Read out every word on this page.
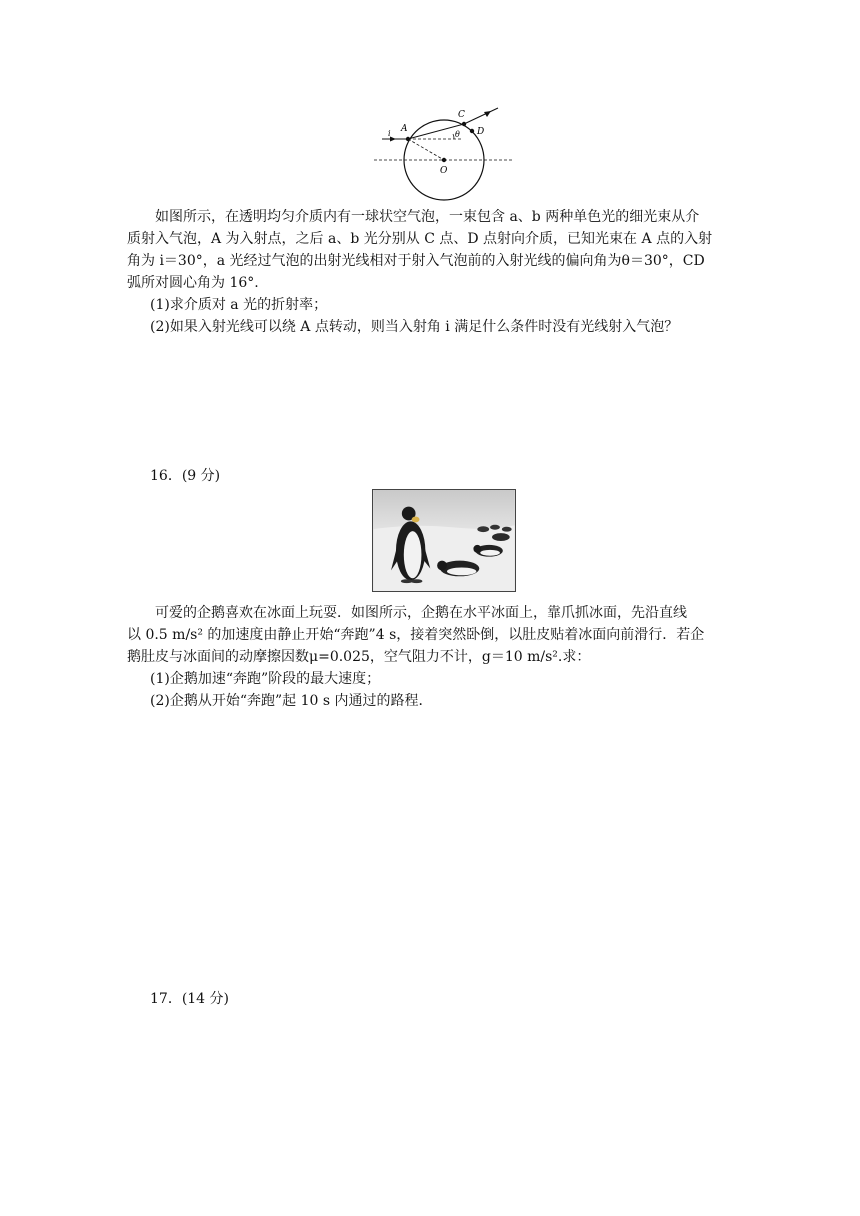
A
C
D
O
i	θ

如图所示，在透明均匀介质内有一球状空气泡，一束包含 a、b 两种单色光的细光束从介

质射入气泡，A 为入射点，之后 a、b 光分别从 C 点、D 点射向介质，已知光束在 A 点的入射

角为 i＝30°，a 光经过气泡的出射光线相对于射入气泡前的入射光线的偏向角为θ＝30°，CD

弧所对圆心角为 16°.

(1)求介质对 a 光的折射率；

(2)如果入射光线可以绕 A 点转动，则当入射角 i 满足什么条件时没有光线射入气泡？

16．(9 分)

可爱的企鹅喜欢在冰面上玩耍．如图所示，企鹅在水平冰面上，靠爪抓冰面，先沿直线

以 0.5 m/s² 的加速度由静止开始“奔跑”4 s，接着突然卧倒，以肚皮贴着冰面向前滑行．若企

鹅肚皮与冰面间的动摩擦因数μ=0.025，空气阻力不计，g＝10 m/s².求：

(1)企鹅加速“奔跑”阶段的最大速度；

(2)企鹅从开始“奔跑”起 10 s 内通过的路程．

17．(14 分)
